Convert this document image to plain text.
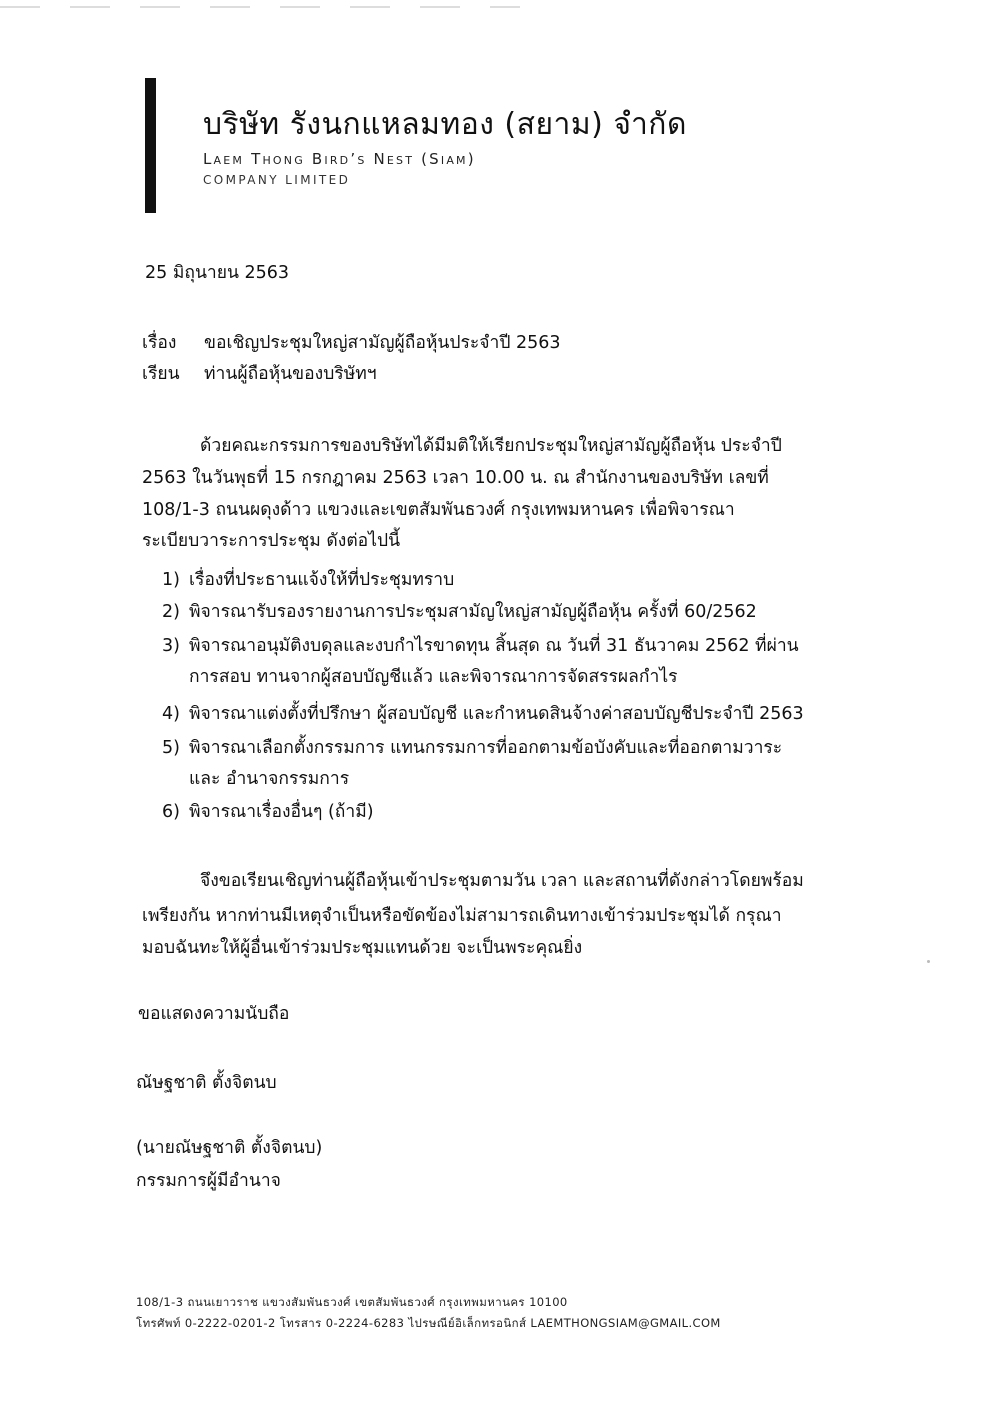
บริษัท รังนกแหลมทอง (สยาม) จำกัด
Laem Thong Bird’s Nest (Siam)
COMPANY LIMITED
25 มิถุนายน 2563
เรื่อง ขอเชิญประชุมใหญ่สามัญผู้ถือหุ้นประจำปี 2563
เรียน ท่านผู้ถือหุ้นของบริษัทฯ
ด้วยคณะกรรมการของบริษัทได้มีมติให้เรียกประชุมใหญ่สามัญผู้ถือหุ้น ประจำปี
2563 ในวันพุธที่ 15 กรกฎาคม 2563 เวลา 10.00 น. ณ สำนักงานของบริษัท เลขที่
108/1-3 ถนนผดุงด้าว แขวงและเขตสัมพันธวงศ์ กรุงเทพมหานคร เพื่อพิจารณา
ระเบียบวาระการประชุม ดังต่อไปนี้
1) เรื่องที่ประธานแจ้งให้ที่ประชุมทราบ
2) พิจารณารับรองรายงานการประชุมสามัญใหญ่สามัญผู้ถือหุ้น ครั้งที่ 60/2562
3) พิจารณาอนุมัติงบดุลและงบกำไรขาดทุน สิ้นสุด ณ วันที่ 31 ธันวาคม 2562 ที่ผ่าน
การสอบ ทานจากผู้สอบบัญชีแล้ว และพิจารณาการจัดสรรผลกำไร
4) พิจารณาแต่งตั้งที่ปรึกษา ผู้สอบบัญชี และกำหนดสินจ้างค่าสอบบัญชีประจำปี 2563
5) พิจารณาเลือกตั้งกรรมการ แทนกรรมการที่ออกตามข้อบังคับและที่ออกตามวาระ
และ อำนาจกรรมการ
6) พิจารณาเรื่องอื่นๆ (ถ้ามี)
จึงขอเรียนเชิญท่านผู้ถือหุ้นเข้าประชุมตามวัน เวลา และสถานที่ดังกล่าวโดยพร้อม
เพรียงกัน หากท่านมีเหตุจำเป็นหรือขัดข้องไม่สามารถเดินทางเข้าร่วมประชุมได้ กรุณา
มอบฉันทะให้ผู้อื่นเข้าร่วมประชุมแทนด้วย จะเป็นพระคุณยิ่ง
ขอแสดงความนับถือ
ณัษฐชาติ ตั้งจิตนบ
(นายณัษฐชาติ ตั้งจิตนบ)
กรรมการผู้มีอำนาจ
108/1-3 ถนนเยาวราช แขวงสัมพันธวงศ์ เขตสัมพันธวงศ์ กรุงเทพมหานคร 10100
โทรศัพท์ 0-2222-0201-2 โทรสาร 0-2224-6283 ไปรษณีย์อิเล็กทรอนิกส์ LAEMTHONGSIAM@GMAIL.COM
